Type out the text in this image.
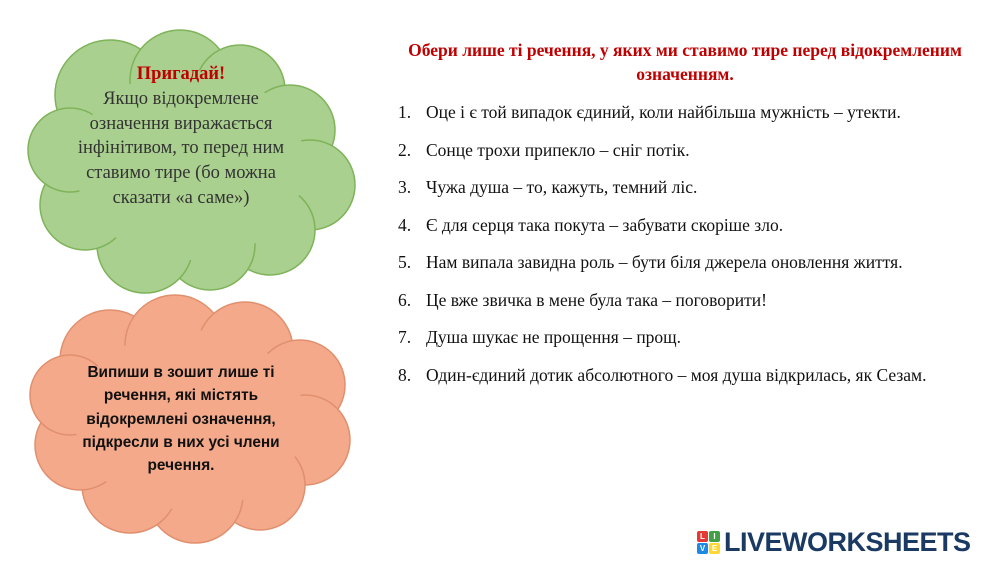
Пригадай!
Якщо відокремлене означення виражається інфінітивом, то перед ним ставимо тире (бо можна сказати «а саме»)
Випиши в зошит лише ті речення, які містять відокремлені означення, підкресли в них усі члени речення.
Обери лише ті речення, у яких ми ставимо тире перед відокремленим означенням.
1. Оце і є той випадок єдиний, коли найбільша мужність – утекти.
2. Сонце трохи припекло – сніг потік.
3. Чужа душа – то, кажуть, темний ліс.
4. Є для серця така покута – забувати скоріше зло.
5. Нам випала завидна роль – бути біля джерела оновлення життя.
6. Це вже звичка в мене була така – поговорити!
7. Душа шукає не прощення – прощ.
8. Один-єдиний дотик абсолютного – моя душа відкрилась, як Сезам.
L	I
V E LIVEWORKSHEETS
